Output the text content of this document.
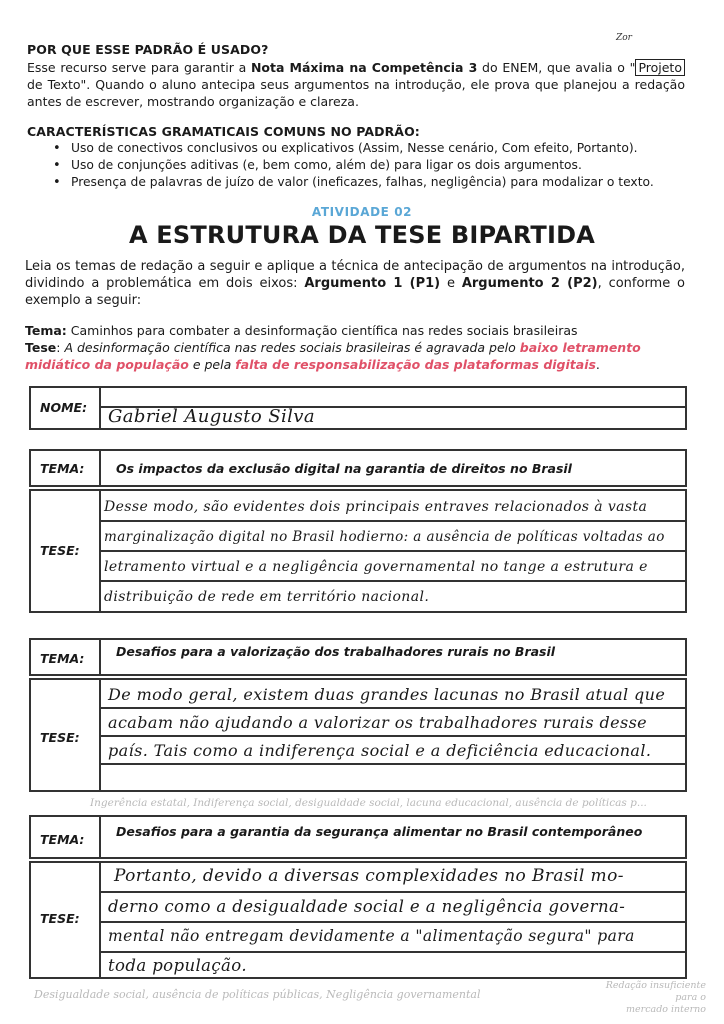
POR QUE ESSE PADRÃO É USADO?
Esse recurso serve para garantir a Nota Máxima na Competência 3 do ENEM, que avalia o " Projeto de Texto". Quando o aluno antecipa seus argumentos na introdução, ele prova que planejou a redação antes de escrever, mostrando organização e clareza.
Zor
CARACTERÍSTICAS GRAMATICAIS COMUNS NO PADRÃO:
• Uso de conectivos conclusivos ou explicativos (Assim, Nesse cenário, Com efeito, Portanto).
• Uso de conjunções aditivas (e, bem como, além de) para ligar os dois argumentos.
• Presença de palavras de juízo de valor (ineficazes, falhas, negligência) para modalizar o texto.
ATIVIDADE 02
A ESTRUTURA DA TESE BIPARTIDA
Leia os temas de redação a seguir e aplique a técnica de antecipação de argumentos na introdução, dividindo a problemática em dois eixos: Argumento 1 (P1) e Argumento 2 (P2), conforme o exemplo a seguir:
Tema: Caminhos para combater a desinformação científica nas redes sociais brasileiras
Tese: A desinformação científica nas redes sociais brasileiras é agravada pelo baixo letramento midiático da população e pela falta de responsabilização das plataformas digitais.
NOME: Gabriel Augusto Silva
TEMA:	Os impactos da exclusão digital na garantia de direitos no Brasil
TESE:
Desse modo, são evidentes dois principais entraves relacionados à vasta
marginalização digital no Brasil hodierno: a ausência de políticas voltadas ao
letramento virtual e a negligência governamental no tange a estrutura e
distribuição de rede em território nacional.
TEMA:	Desafios para a valorização dos trabalhadores rurais no Brasil
TESE:
De modo geral, existem duas grandes lacunas no Brasil atual que
acabam não ajudando a valorizar os trabalhadores rurais desse
país. Tais como a indiferença social e a deficiência educacional.
Ingerência estatal, Indiferença social, desigualdade social, lacuna educacional, ausência de políticas p...
TEMA:
Desafios para a garantia da segurança alimentar no Brasil contemporâneo
TESE:
Portanto, devido a diversas complexidades no Brasil mo-
derno como a desigualdade social e a negligência governa-
mental não entregam devidamente a "alimentação segura" para
toda população.
Desigualdade social, ausência de políticas públicas, Negligência governamental
Redação insuficiente
para o
mercado interno
